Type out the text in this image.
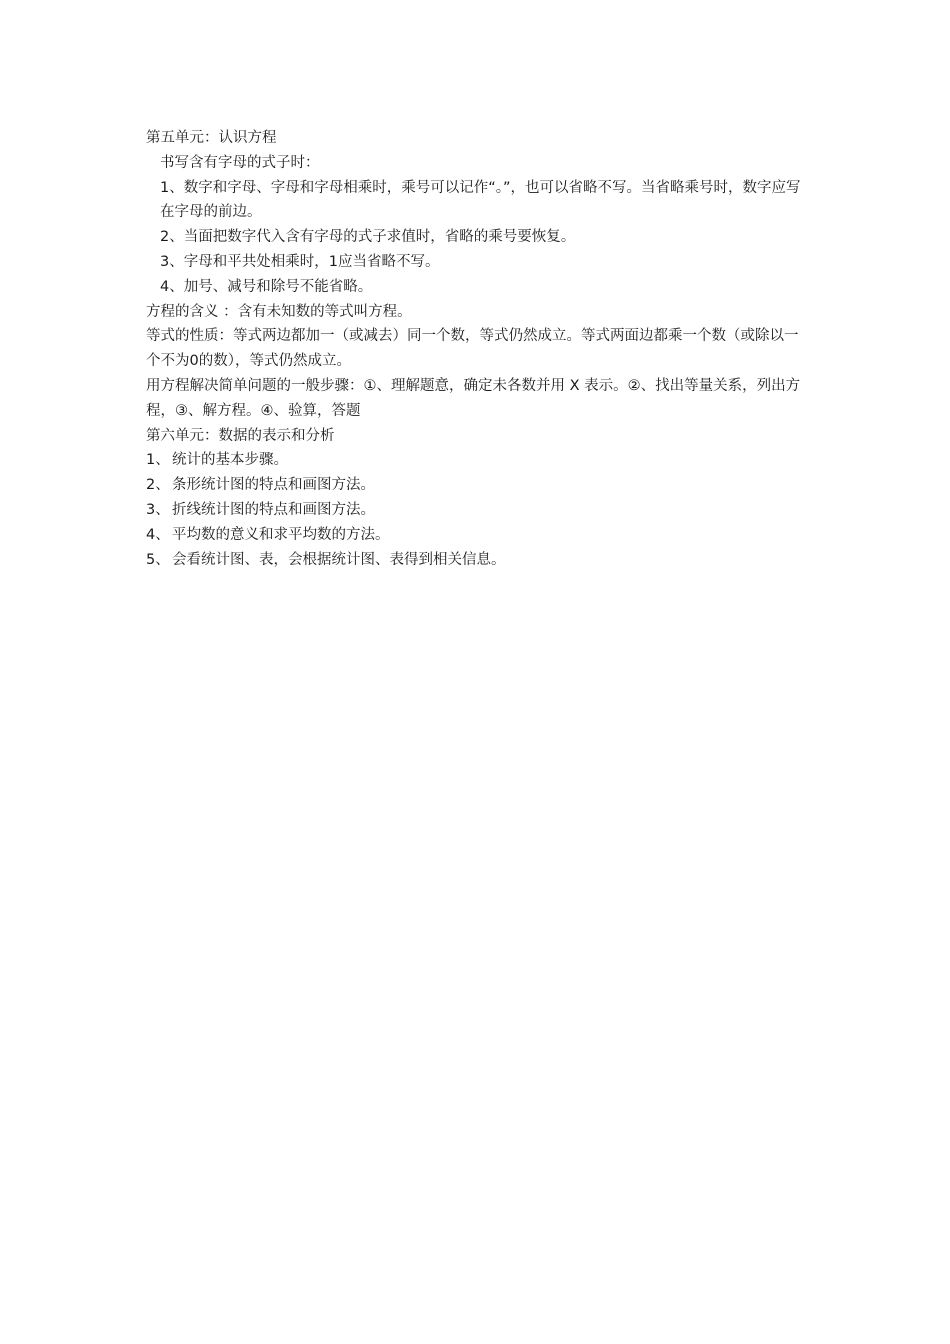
第五单元：认识方程

书写含有字母的式子时：

1、数字和字母、字母和字母相乘时，乘号可以记作“。”，也可以省略不写。当省略乘号时，数字应写在字母的前边。

2、当面把数字代入含有字母的式子求值时，省略的乘号要恢复。

3、字母和平共处相乘时，1应当省略不写。

4、加号、减号和除号不能省略。

方程的含义 ：含有未知数的等式叫方程。

等式的性质：等式两边都加一（或减去）同一个数，等式仍然成立。等式两面边都乘一个数（或除以一个不为0的数），等式仍然成立。

用方程解决简单问题的一般步骤：①、理解题意，确定未各数并用 X 表示。②、找出等量关系，列出方程，③、解方程。④、验算，答题

第六单元：数据的表示和分析

1、 统计的基本步骤。
2、 条形统计图的特点和画图方法。
3、 折线统计图的特点和画图方法。
4、 平均数的意义和求平均数的方法。
5、 会看统计图、表，会根据统计图、表得到相关信息。
